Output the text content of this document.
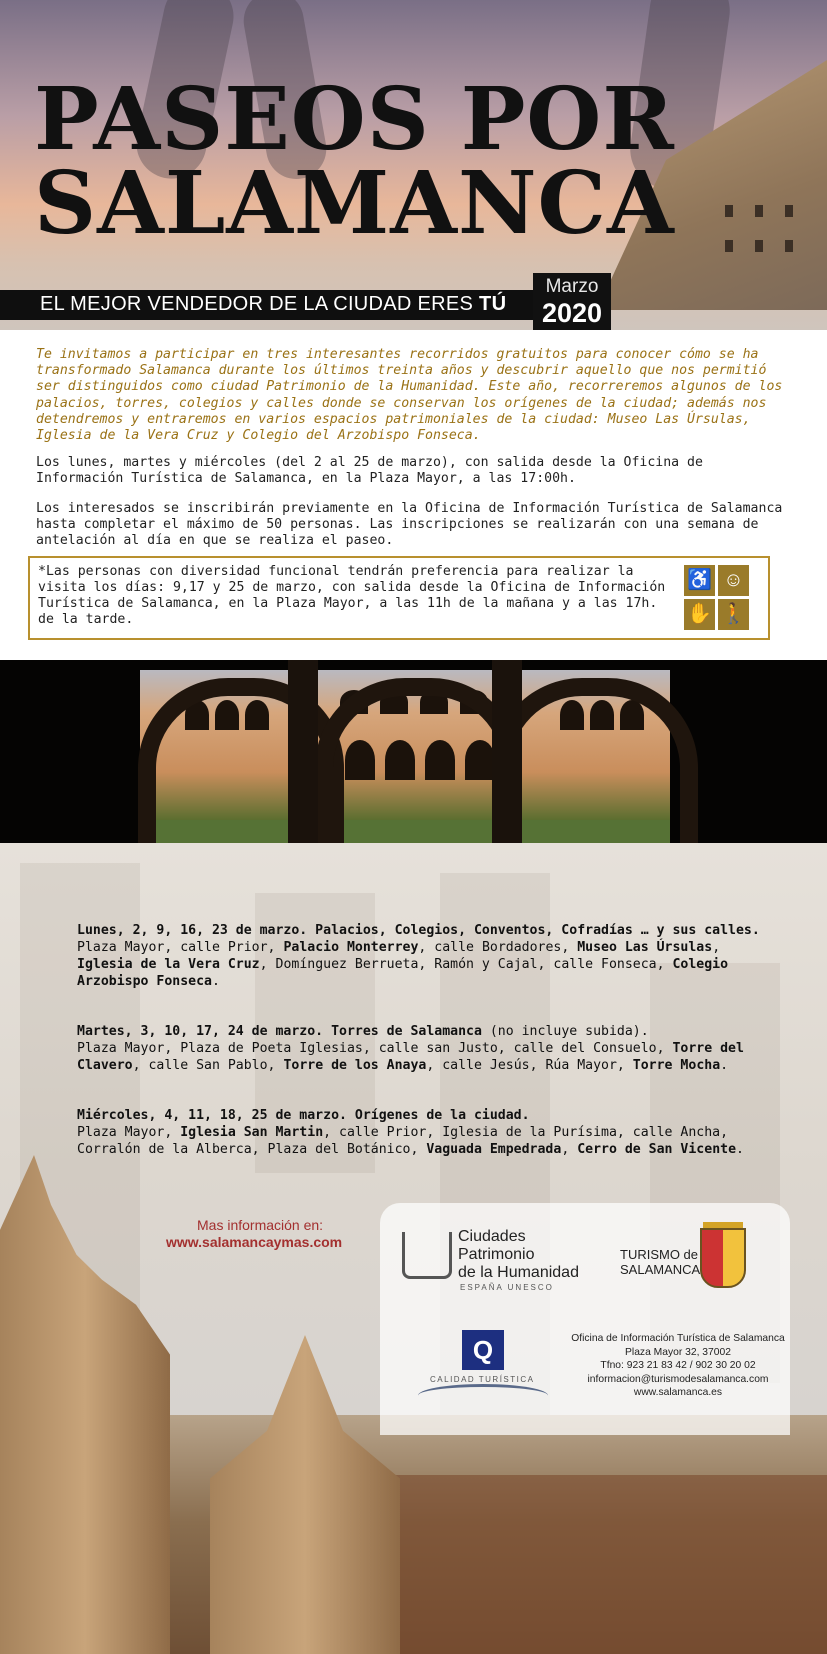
PASEOS POR
SALAMANCA
EL MEJOR VENDEDOR DE LA CIUDAD ERES TÚ
Marzo
2020
Te invitamos a participar en tres interesantes recorridos gratuitos para conocer cómo se ha transformado Salamanca durante los últimos treinta años y descubrir aquello que nos permitió ser distinguidos como ciudad Patrimonio de la Humanidad. Este año, recorreremos algunos de los palacios, torres, colegios y calles donde se conservan los orígenes de la ciudad; además nos detendremos y entraremos en varios espacios patrimoniales de la ciudad: Museo Las Úrsulas, Iglesia de la Vera Cruz y Colegio del Arzobispo Fonseca.
Los lunes, martes y miércoles (del 2 al 25 de marzo), con salida desde la Oficina de Información Turística de Salamanca, en la Plaza Mayor, a las 17:00h.
Los interesados se inscribirán previamente en la Oficina de Información Turística de Salamanca hasta completar el máximo de 50 personas. Las inscripciones se realizarán con una semana de antelación al día en que se realiza el paseo.
*Las personas con diversidad funcional tendrán preferencia para realizar la visita los días: 9,17 y 25 de marzo, con salida desde la Oficina de Información Turística de Salamanca, en la Plaza Mayor, a las 11h de la mañana y a las 17h. de la tarde.
♿ ☺
✋ 🚶
Lunes, 2, 9, 16, 23 de marzo. Palacios, Colegios, Conventos, Cofradías … y sus calles.
Plaza Mayor, calle Prior, Palacio Monterrey, calle Bordadores, Museo Las Úrsulas, Iglesia de la Vera Cruz, Domínguez Berrueta, Ramón y Cajal, calle Fonseca, Colegio Arzobispo Fonseca.
Martes, 3, 10, 17, 24 de marzo. Torres de Salamanca (no incluye subida).
Plaza Mayor, Plaza de Poeta Iglesias, calle san Justo, calle del Consuelo, Torre del Clavero, calle San Pablo, Torre de los Anaya, calle Jesús, Rúa Mayor, Torre Mocha.
Miércoles, 4, 11, 18, 25 de marzo. Orígenes de la ciudad.
Plaza Mayor, Iglesia San Martin, calle Prior, Iglesia de la Purísima, calle Ancha, Corralón de la Alberca, Plaza del Botánico, Vaguada Empedrada, Cerro de San Vicente.
Mas información en:
www.salamancaymas.com	Ciudades
Patrimonio
de la Humanidad
ESPAÑA UNESCO
TURISMO de
SALAMANCA
Q
CALIDAD TURÍSTICA
Oficina de Información Turística de Salamanca
Plaza Mayor 32, 37002
Tfno: 923 21 83 42 / 902 30 20 02
informacion@turismodesalamanca.com
www.salamanca.es
